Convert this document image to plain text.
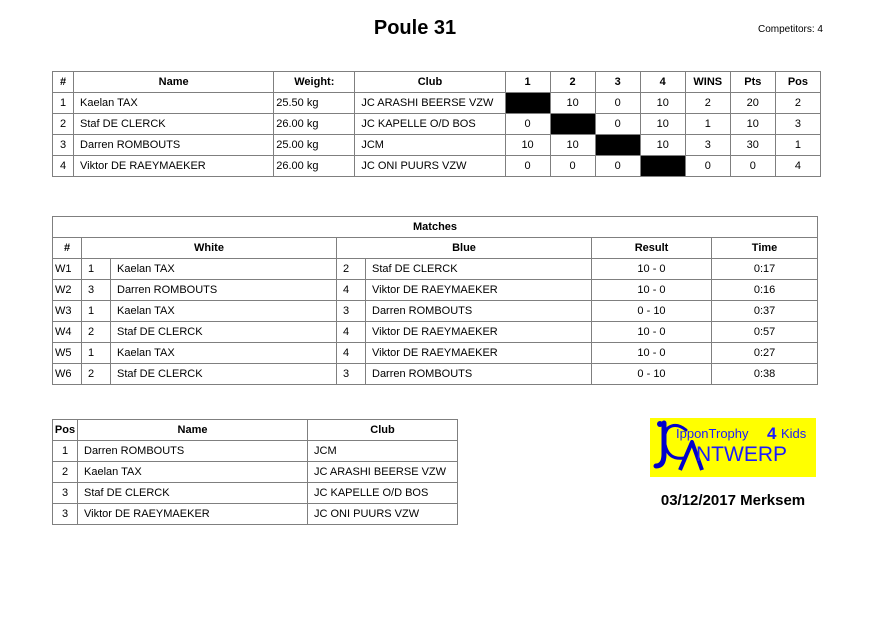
Poule 31	Competitors: 4
#	Name	Weight:	Club	1	2	3	4	WINS	Pts	Pos
1	Kaelan TAX	25.50 kg	JC ARASHI BEERSE VZW		10	0	10	2	20	2
2	Staf DE CLERCK	26.00 kg	JC KAPELLE O/D BOS	0		0	10	1	10	3
3	Darren ROMBOUTS	25.00 kg	JCM	10	10		10	3	30	1
4	Viktor DE RAEYMAEKER	26.00 kg	JC ONI PUURS VZW	0	0	0		0	0	4
Matches						
#	White		Blue		Result	Time
W1	1	Kaelan TAX	2	Staf DE CLERCK	10 - 0	0:17
W2	3	Darren ROMBOUTS	4	Viktor DE RAEYMAEKER	10 - 0	0:16
W3	1	Kaelan TAX	3	Darren ROMBOUTS	0 - 10	0:37
W4	2	Staf DE CLERCK	4	Viktor DE RAEYMAEKER	10 - 0	0:57
W5	1	Kaelan TAX	4	Viktor DE RAEYMAEKER	10 - 0	0:27
W6	2	Staf DE CLERCK	3	Darren ROMBOUTS	0 - 10	0:38
Pos	Name	Club
1	Darren ROMBOUTS	JCM
2	Kaelan TAX	JC ARASHI BEERSE VZW
3	Staf DE CLERCK	JC KAPELLE O/D BOS
3	Viktor DE RAEYMAEKER	JC ONI PUURS VZW
IpponTrophy 4 Kids
NTWERP
03/12/2017 Merksem
